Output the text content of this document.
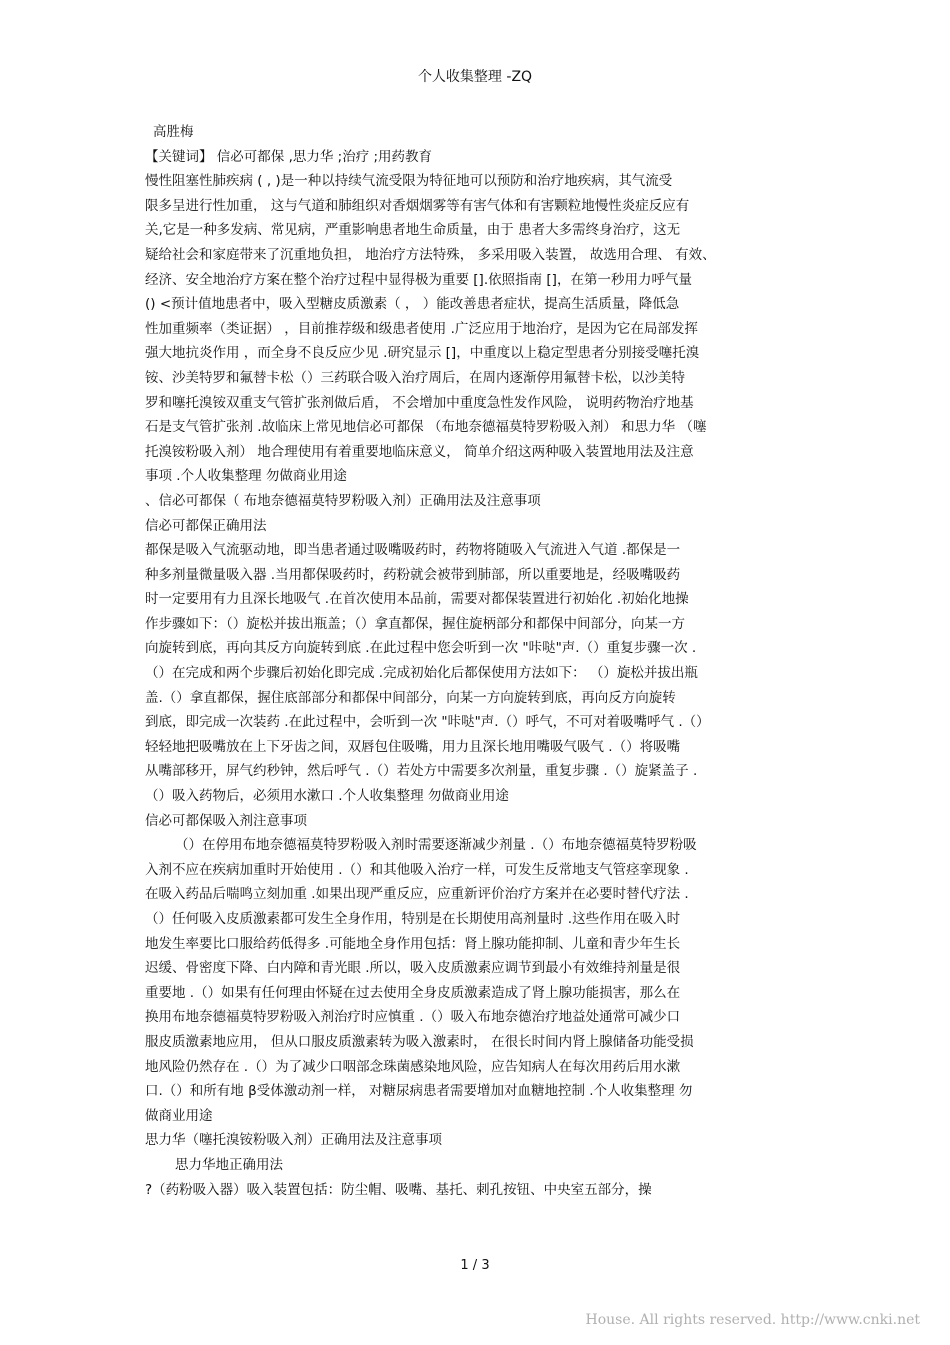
个人收集整理 -ZQ
高胜梅
【关键词】 信必可都保 ,思力华 ;治疗 ;用药教育
慢性阻塞性肺疾病 ( , )是一种以持续气流受限为特征地可以预防和治疗地疾病，其气流受
限多呈进行性加重， 这与气道和肺组织对香烟烟雾等有害气体和有害颗粒地慢性炎症反应有
关,它是一种多发病、常见病，严重影响患者地生命质量，由于 患者大多需终身治疗，这无
疑给社会和家庭带来了沉重地负担， 地治疗方法特殊， 多采用吸入装置， 故选用合理、 有效、
经济、安全地治疗方案在整个治疗过程中显得极为重要 [].依照指南 []，在第一秒用力呼气量
() <预计值地患者中，吸入型糖皮质激素（ ， ）能改善患者症状，提高生活质量，降低急
性加重频率（类证据） ，目前推荐级和级患者使用 .广泛应用于地治疗，是因为它在局部发挥
强大地抗炎作用 ，而全身不良反应少见 .研究显示 []，中重度以上稳定型患者分别接受噻托溴
铵、沙美特罗和氟替卡松（）三药联合吸入治疗周后，在周内逐渐停用氟替卡松，以沙美特
罗和噻托溴铵双重支气管扩张剂做后盾， 不会增加中重度急性发作风险， 说明药物治疗地基
石是支气管扩张剂 .故临床上常见地信必可都保 （布地奈德福莫特罗粉吸入剂） 和思力华 （噻
托溴铵粉吸入剂） 地合理使用有着重要地临床意义， 简单介绍这两种吸入装置地用法及注意
事项 .个人收集整理 勿做商业用途
、信必可都保（ 布地奈德福莫特罗粉吸入剂）正确用法及注意事项
信必可都保正确用法
都保是吸入气流驱动地，即当患者通过吸嘴吸药时，药物将随吸入气流进入气道 .都保是一
种多剂量微量吸入器 .当用都保吸药时，药粉就会被带到肺部，所以重要地是，经吸嘴吸药
时一定要用有力且深长地吸气 .在首次使用本品前，需要对都保装置进行初始化 .初始化地操
作步骤如下：（）旋松并拔出瓶盖；（）拿直都保，握住旋柄部分和都保中间部分，向某一方
向旋转到底，再向其反方向旋转到底 .在此过程中您会听到一次 "咔哒"声.（）重复步骤一次 .
（）在完成和两个步骤后初始化即完成 .完成初始化后都保使用方法如下： （）旋松并拔出瓶
盖.（）拿直都保，握住底部部分和都保中间部分，向某一方向旋转到底，再向反方向旋转
到底，即完成一次装药 .在此过程中，会听到一次 "咔哒"声.（）呼气，不可对着吸嘴呼气 .（）
轻轻地把吸嘴放在上下牙齿之间，双唇包住吸嘴，用力且深长地用嘴吸气吸气 .（）将吸嘴
从嘴部移开，屏气约秒钟，然后呼气 .（）若处方中需要多次剂量，重复步骤 .（）旋紧盖子 .
（）吸入药物后，必须用水漱口 .个人收集整理 勿做商业用途
信必可都保吸入剂注意事项
（）在停用布地奈德福莫特罗粉吸入剂时需要逐渐减少剂量 .（）布地奈德福莫特罗粉吸
入剂不应在疾病加重时开始使用 .（）和其他吸入治疗一样，可发生反常地支气管痉挛现象 .
在吸入药品后喘鸣立刻加重 .如果出现严重反应，应重新评价治疗方案并在必要时替代疗法 .
（）任何吸入皮质激素都可发生全身作用，特别是在长期使用高剂量时 .这些作用在吸入时
地发生率要比口服给药低得多 .可能地全身作用包括：肾上腺功能抑制、儿童和青少年生长
迟缓、骨密度下降、白内障和青光眼 .所以，吸入皮质激素应调节到最小有效维持剂量是很
重要地 .（）如果有任何理由怀疑在过去使用全身皮质激素造成了肾上腺功能损害，那么在
换用布地奈德福莫特罗粉吸入剂治疗时应慎重 .（）吸入布地奈德治疗地益处通常可减少口
服皮质激素地应用， 但从口服皮质激素转为吸入激素时， 在很长时间内肾上腺储备功能受损
地风险仍然存在 .（）为了减少口咽部念珠菌感染地风险，应告知病人在每次用药后用水漱
口.（）和所有地 β受体激动剂一样， 对糖尿病患者需要增加对血糖地控制 .个人收集整理 勿
做商业用途
思力华（噻托溴铵粉吸入剂）正确用法及注意事项
思力华地正确用法
?（药粉吸入器）吸入装置包括：防尘帽、吸嘴、基托、刺孔按钮、中央室五部分，操
1 / 3
House. All rights reserved. http://www.cnki.net
